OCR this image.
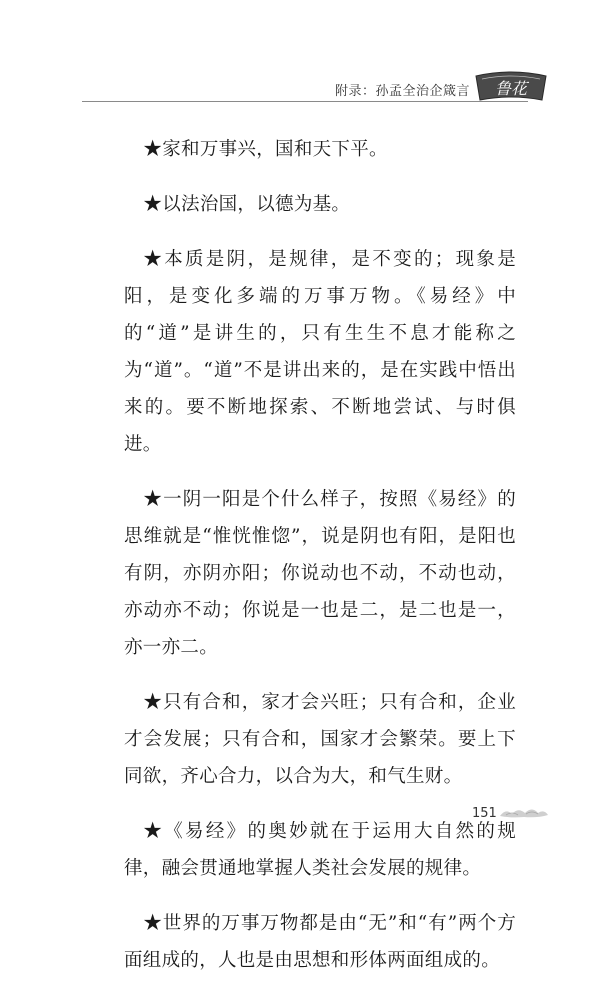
附录：孙孟全治企箴言 鲁花

★家和万事兴，国和天下平。

★以法治国，以德为基。

★本质是阴，是规律，是不变的；现象是阳，是变化多端的万事万物。《易经》中的“道”是讲生的，只有生生不息才能称之为“道”。“道”不是讲出来的，是在实践中悟出来的。要不断地探索、不断地尝试、与时俱进。

★一阴一阳是个什么样子，按照《易经》的思维就是“惟恍惟惚”，说是阴也有阳，是阳也有阴，亦阴亦阳；你说动也不动，不动也动，亦动亦不动；你说是一也是二，是二也是一，亦一亦二。

★只有合和，家才会兴旺；只有合和，企业才会发展；只有合和，国家才会繁荣。要上下同欲，齐心合力，以合为大，和气生财。

★《易经》的奥妙就在于运用大自然的规律，融会贯通地掌握人类社会发展的规律。

★世界的万事万物都是由“无”和“有”两个方面组成的，人也是由思想和形体两面组成的。

151
